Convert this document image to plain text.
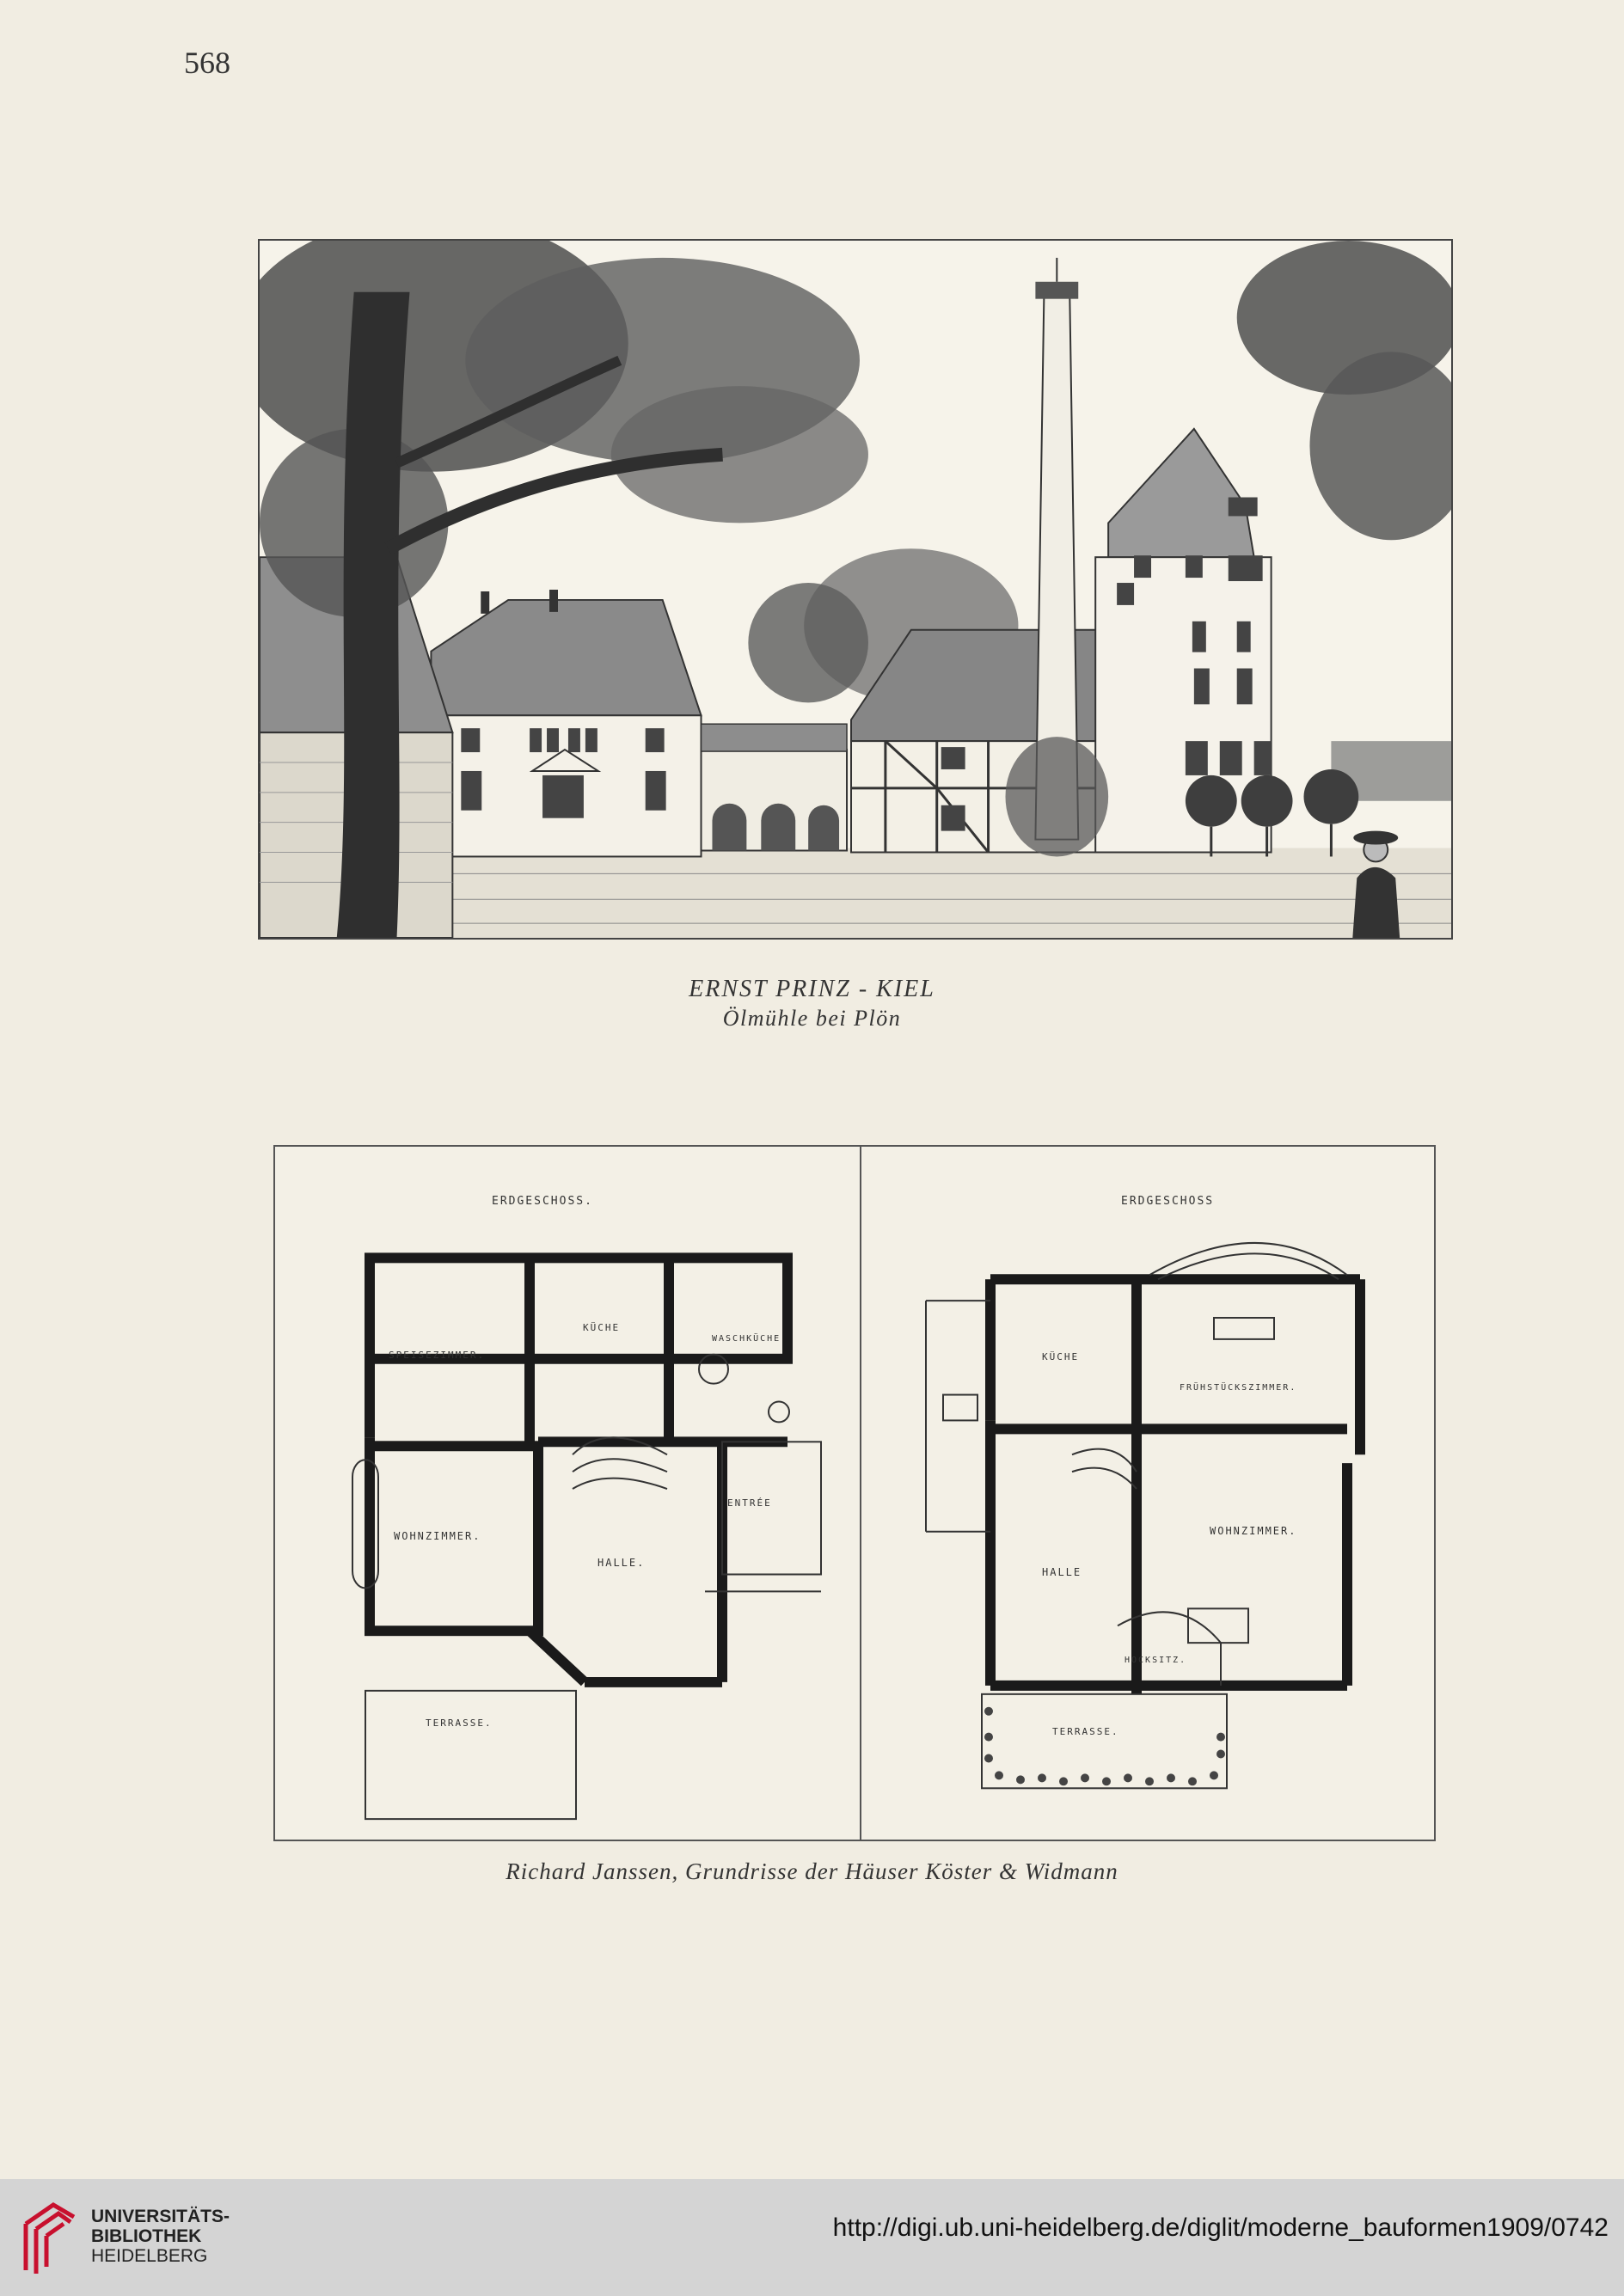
568
ERNST PRINZ - KIEL
Ölmühle bei Plön
ERDGESCHOSS.
SPEISEZIMMER.
KÜCHE
WASCHKÜCHE
WOHNZIMMER.
HALLE.
ENTRÉE
TERRASSE.
ERDGESCHOSS
KÜCHE
FRÜHSTÜCKSZIMMER.
WOHNZIMMER.
HALLE
HOCKSITZ.
TERRASSE.
Richard Janssen, Grundrisse der Häuser Köster & Widmann
UNIVERSITÄTS-
BIBLIOTHEK
HEIDELBERG
http://digi.ub.uni-heidelberg.de/diglit/moderne_bauformen1909/0742
